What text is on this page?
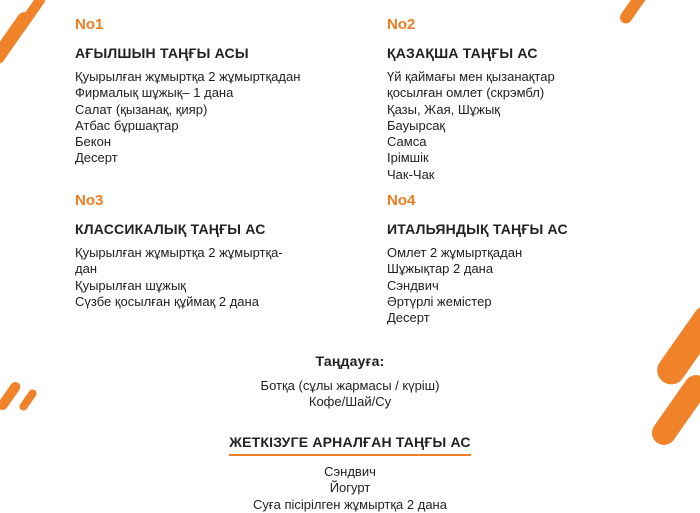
No1

АҒЫЛШЫН ТАҢҒЫ АСЫ

Қуырылған жұмыртқа 2 жұмыртқадан

Фирмалық шұжық– 1 дана

Салат (қызанақ, қияр)

Атбас бұршақтар

Бекон

Десерт

No2

ҚАЗАҚША ТАҢҒЫ АС

Үй қаймағы мен қызанақтар

қосылған омлет (скрэмбл)

Қазы, Жая, Шұжық

Бауырсақ

Самса

Ірімшік

Чак-Чак

No3

КЛАССИКАЛЫҚ ТАҢҒЫ АС

Қуырылған жұмыртқа 2 жұмыртқа-

дан

Қуырылған шұжық

Сүзбе қосылған құймақ 2 дана

No4

ИТАЛЬЯНДЫҚ ТАҢҒЫ АС

Омлет 2 жұмыртқадан

Шұжықтар 2 дана

Сэндвич

Әртүрлі жемістер

Десерт

Таңдауға:

Ботқа (сұлы жармасы / күріш)

Кофе/Шай/Су

ЖЕТКІЗУГЕ АРНАЛҒАН ТАҢҒЫ АС

Сэндвич

Йогурт

Суға пісірілген жұмыртқа 2 дана
